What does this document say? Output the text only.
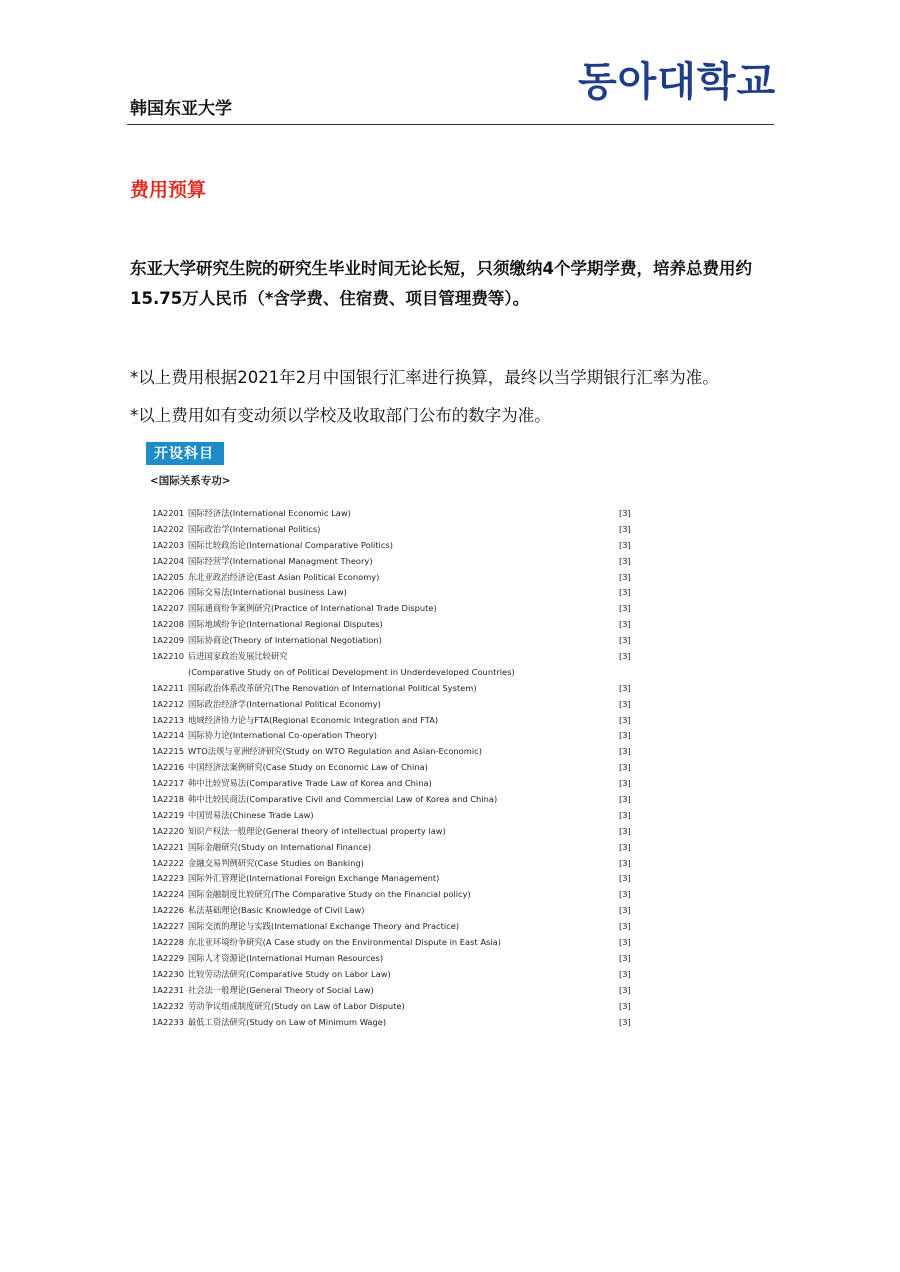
韩国东亚大学
동아대학교
费用预算
东亚大学研究生院的研究生毕业时间无论长短，只须缴纳4个学期学费，培养总费用约15.75万人民币（*含学费、住宿费、项目管理费等）。
*以上费用根据2021年2月中国银行汇率进行换算，最终以当学期银行汇率为准。
*以上费用如有变动须以学校及收取部门公布的数字为准。
开设科目
<国际关系专功>
1A2201 国际经济法(International Economic Law)	[3]
1A2202 国际政治学(International Politics)	[3]
1A2203 国际比较政治论(International Comparative Politics)	[3]
1A2204 国际经营学(International Managment Theory)	[3]
1A2205 东北亚政治经济论(East Asian Political Economy)	[3]
1A2206 国际交易法(International business Law)	[3]
1A2207 国际通商纷争案例研究(Practice of International Trade Dispute)	[3]
1A2208 国际地域纷争论(International Regional Disputes)	[3]
1A2209 国际协商论(Theory of International Negotiation)	[3]
1A2210 后进国家政治发展比较研究	[3]
(Comparative Study on of Political Development in Underdeveloped Countries)
1A2211 国际政治体系改革研究(The Renovation of International Political System)	[3]
1A2212 国际政治经济学(International Political Economy)	[3]
1A2213 地域经济协力论与FTA(Regional Economic Integration and FTA)	[3]
1A2214 国际协力论(International Co-operation Theory)	[3]
1A2215 WTO法规与亚洲经济研究(Study on WTO Regulation and Asian-Economic)	[3]
1A2216 中国经济法案例研究(Case Study on Economic Law of China)	[3]
1A2217 韩中比较贸易法(Comparative Trade Law of Korea and China)	[3]
1A2218 韩中比较民商法(Comparative Civil and Commercial Law of Korea and China)	[3]
1A2219 中国贸易法(Chinese Trade Law)	[3]
1A2220 知识产权法一般理论(General theory of intellectual property law)	[3]
1A2221 国际金融研究(Study on International Finance)	[3]
1A2222 金融交易判例研究(Case Studies on Banking)	[3]
1A2223 国际外汇管理论(International Foreign Exchange Management)	[3]
1A2224 国际金融制度比较研究(The Comparative Study on the Financial policy)	[3]
1A2226 私法基础理论(Basic Knowledge of Civil Law)	[3]
1A2227 国际交流的理论与实践(International Exchange Theory and Practice)	[3]
1A2228 东北亚环境纷争研究(A Case study on the Environmental Dispute in East Asia)	[3]
1A2229 国际人才资源论(International Human Resources)	[3]
1A2230 比较劳动法研究(Comparative Study on Labor Law)	[3]
1A2231 社会法一般理论(General Theory of Social Law)	[3]
1A2232 劳动争议组成制度研究(Study on Law of Labor Dispute)	[3]
1A2233 最低工资法研究(Study on Law of Minimum Wage)	[3]
